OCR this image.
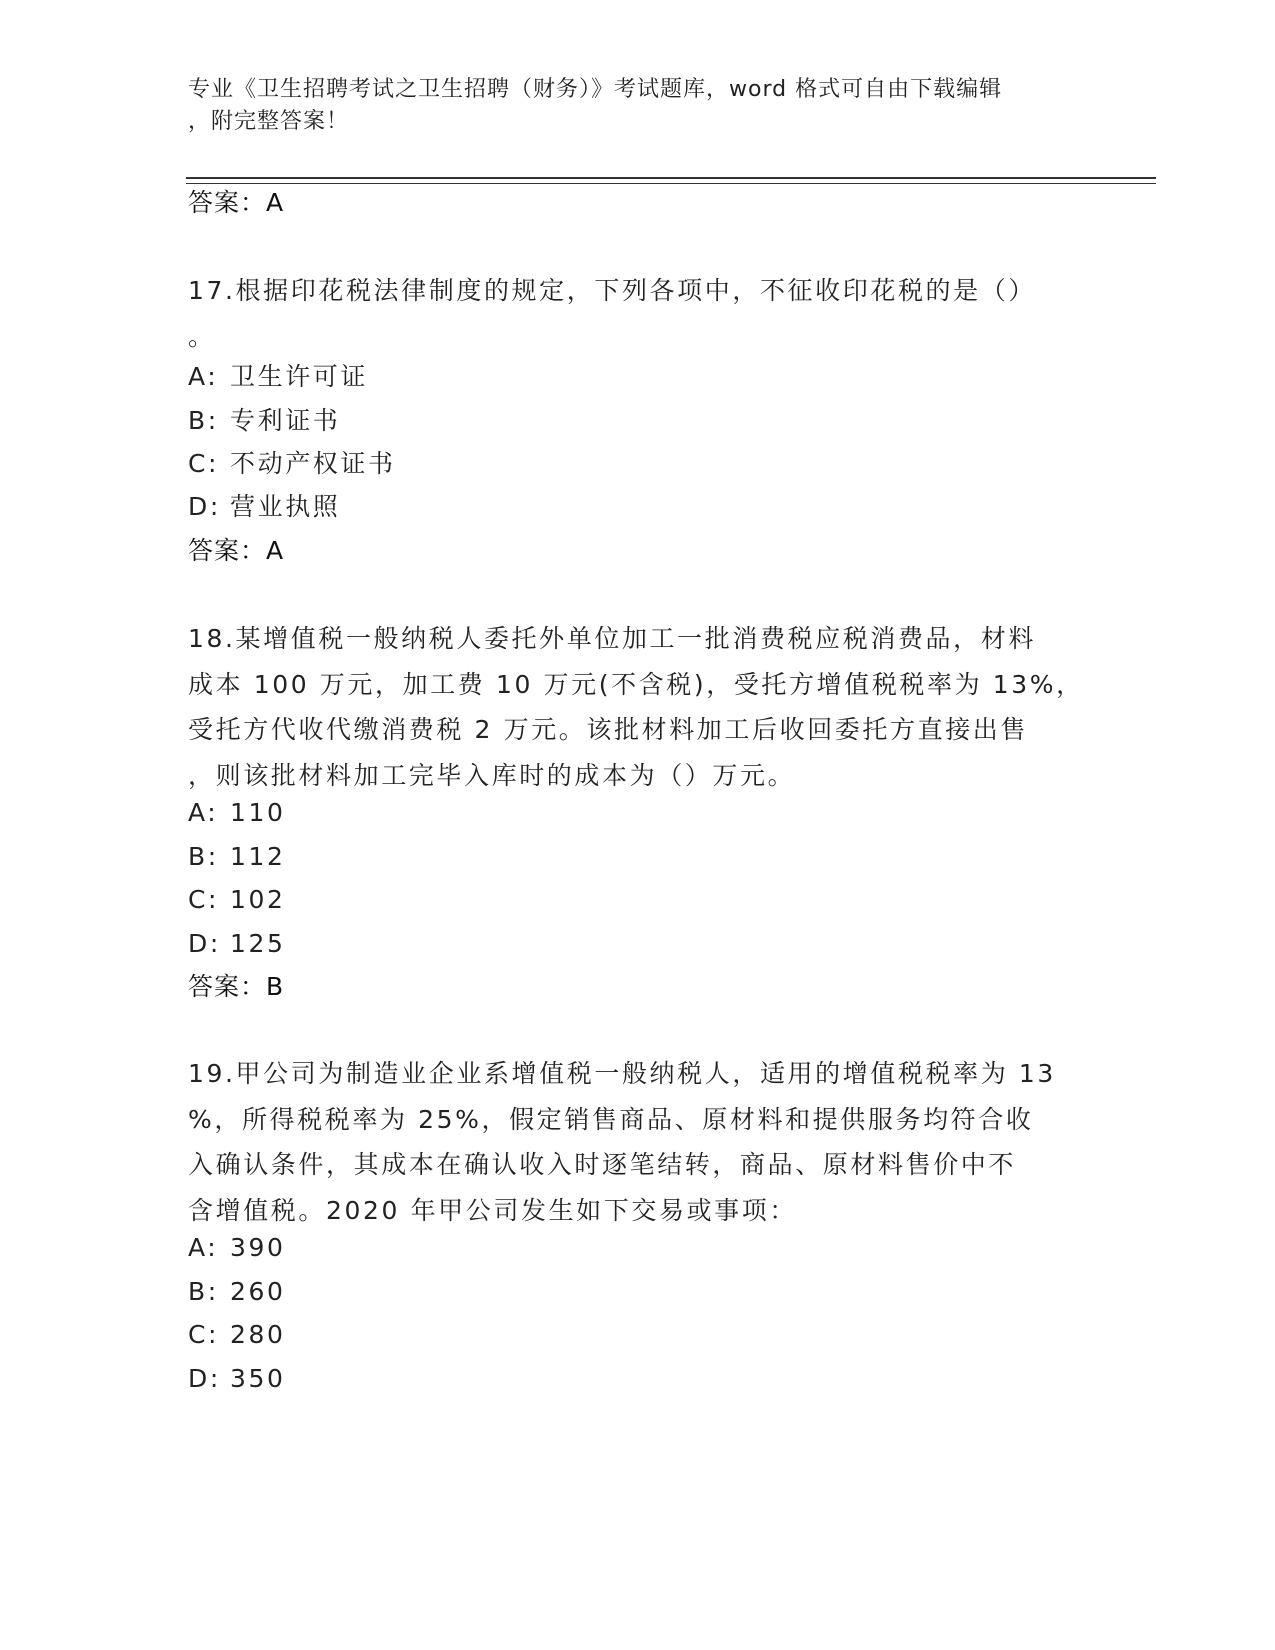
专业《卫生招聘考试之卫生招聘（财务）》考试题库，word 格式可自由下载编辑
，附完整答案！
答案：A
17.根据印花税法律制度的规定，下列各项中，不征收印花税的是（）
。
A: 卫生许可证
B: 专利证书
C: 不动产权证书
D: 营业执照
答案：A
18.某增值税一般纳税人委托外单位加工一批消费税应税消费品，材料
成本 100 万元，加工费 10 万元(不含税)，受托方增值税税率为 13%，
受托方代收代缴消费税 2 万元。该批材料加工后收回委托方直接出售
，则该批材料加工完毕入库时的成本为（）万元。
A: 110
B: 112
C: 102
D: 125
答案：B
19.甲公司为制造业企业系增值税一般纳税人，适用的增值税税率为 13
%，所得税税率为 25%，假定销售商品、原材料和提供服务均符合收
入确认条件，其成本在确认收入时逐笔结转，商品、原材料售价中不
含增值税。2020 年甲公司发生如下交易或事项：
A: 390
B: 260
C: 280
D: 350
